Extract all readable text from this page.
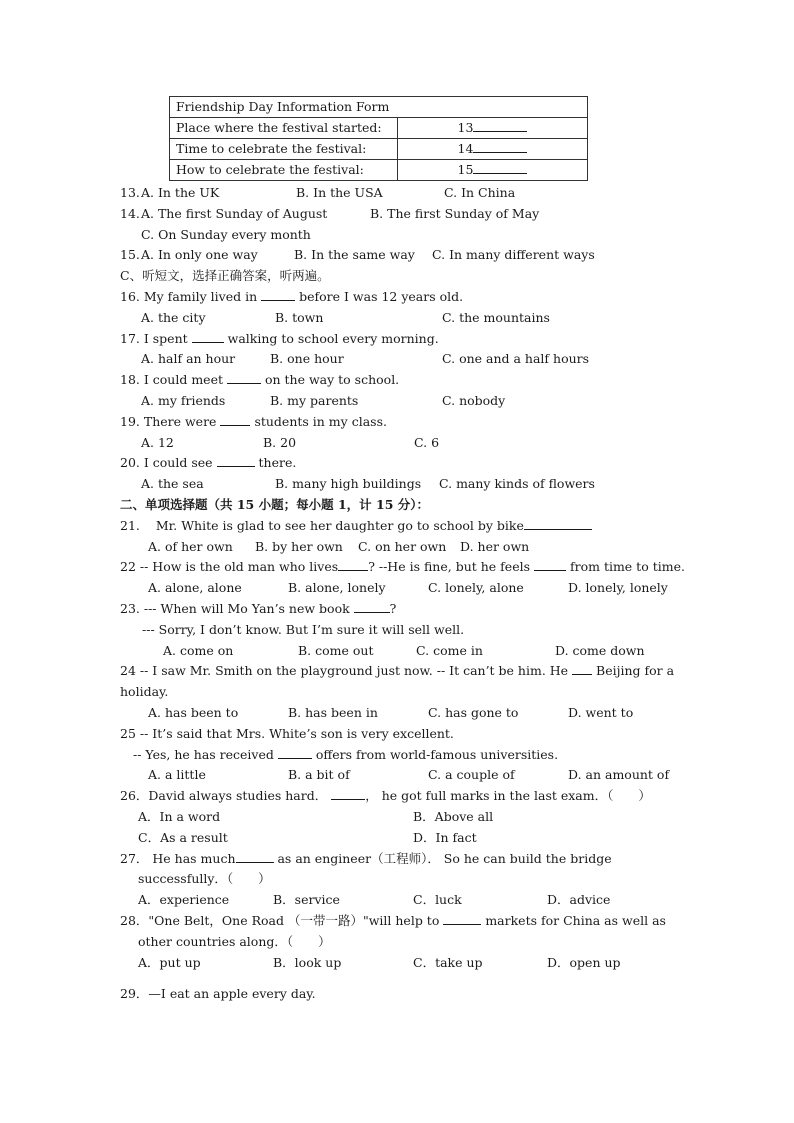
Friendship Day Information Form	
Place where the festival started:	13
Time to celebrate the festival:	14
How to celebrate the festival:	15
13. A. In the UK	B. In the USA	C. In China
14. A. The first Sunday of August	B. The first Sunday of May
C. On Sunday every month
15. A. In only one way	B. In the same way C. In many different ways
C、听短文，选择正确答案，听两遍。
16. My family lived in	before I was 12 years old.
A. the city	B. town	C. the mountains
17. I spent	walking to school every morning.
A. half an hour	B. one hour	C. one and a half hours
18. I could meet	on the way to school.
A. my friends	B. my parents	C. nobody
19. There were	students in my class.
A. 12	B. 20	C. 6
20. I could see	there.
A. the sea	B. many high buildings C. many kinds of flowers
二、单项选择题（共 15 小题；每小题 1，计 15 分）：
21. Mr. White is glad to see her daughter go to school by bike
A. of her own B. by her own C. on her own D. her own
22 -- How is the old man who lives ? --He is fine, but he feels	from time to time.
A. alone, alone	B. alone, lonely	C. lonely, alone	D. lonely, lonely
23. --- When will Mo Yan’s new book	?
--- Sorry, I don’t know. But I’m sure it will sell well.
A. come on	B. come out	C. come in	D. come down
24 -- I saw Mr. Smith on the playground just now. -- It can’t be him. He Beijing for a
holiday.
A. has been to	B. has been in	C. has gone to	D. went to
25 -- It’s said that Mrs. White’s son is very excellent.
-- Yes, he has received	offers from world-famous universities.
A. a little	B. a bit of	C. a couple of	D. an amount of
26．David always studies hard．	， he got full marks in the last exam．（　　）
A．In a word	B．Above all
C．As a result	D．In fact
27． He has much	as an engineer（工程师）． So he can build the bridge
successfully．（　　）
A．experience	B．service	C．luck	D．advice
28．"One Belt，One Road （一带一路）"will help to	markets for China as well as
other countries along．（　　）
A．put up	B．look up	C．take up	D．open up
29．—I eat an apple every day.
